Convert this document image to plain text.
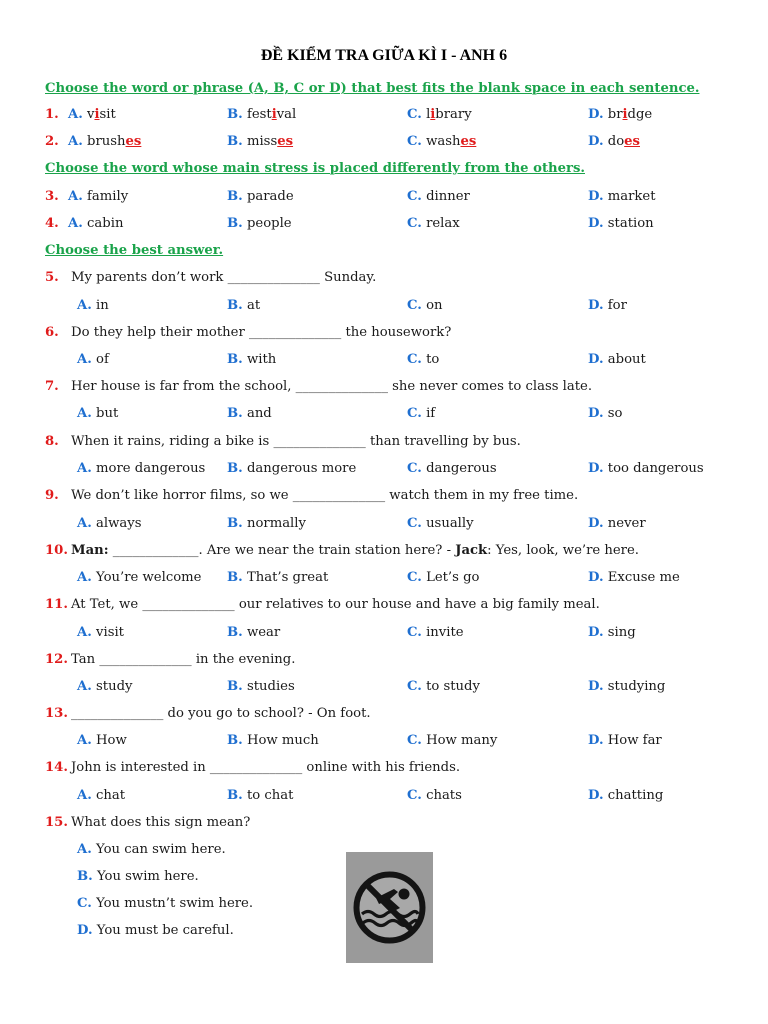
ĐỀ KIỂM TRA GIỮA KÌ I - ANH 6
Choose the word or phrase (A, B, C or D) that best fits the blank space in each sentence.
1. A. visit	B. festival	C. library	D. bridge
2. A. brushes	B. misses	C. washes	D. does
Choose the word whose main stress is placed differently from the others.
3. A. family	B. parade	C. dinner	D. market
4. A. cabin	B. people	C. relax	D. station
Choose the best answer.
5. My parents don’t work ______________ Sunday.
A. in	B. at	C. on	D. for
6. Do they help their mother ______________ the housework?
A. of	B. with	C. to	D. about
7. Her house is far from the school, ______________ she never comes to class late.
A. but	B. and	C. if	D. so
8. When it rains, riding a bike is ______________ than travelling by bus.
A. more dangerous B. dangerous more	C. dangerous	D. too dangerous
9. We don’t like horror films, so we ______________ watch them in my free time.
A. always	B. normally	C. usually	D. never
10. Man: _____________. Are we near the train station here? - Jack: Yes, look, we’re here.
A. You’re welcome B. That’s great	C. Let’s go	D. Excuse me
11. At Tet, we ______________ our relatives to our house and have a big family meal.
A. visit	B. wear	C. invite	D. sing
12. Tan ______________ in the evening.
A. study	B. studies	C. to study	D. studying
13. ______________ do you go to school? - On foot.
A. How	B. How much	C. How many	D. How far
14. John is interested in ______________ online with his friends.
A. chat	B. to chat	C. chats	D. chatting
15. What does this sign mean?
A. You can swim here.
B. You swim here.
C. You mustn’t swim here.
D. You must be careful.
